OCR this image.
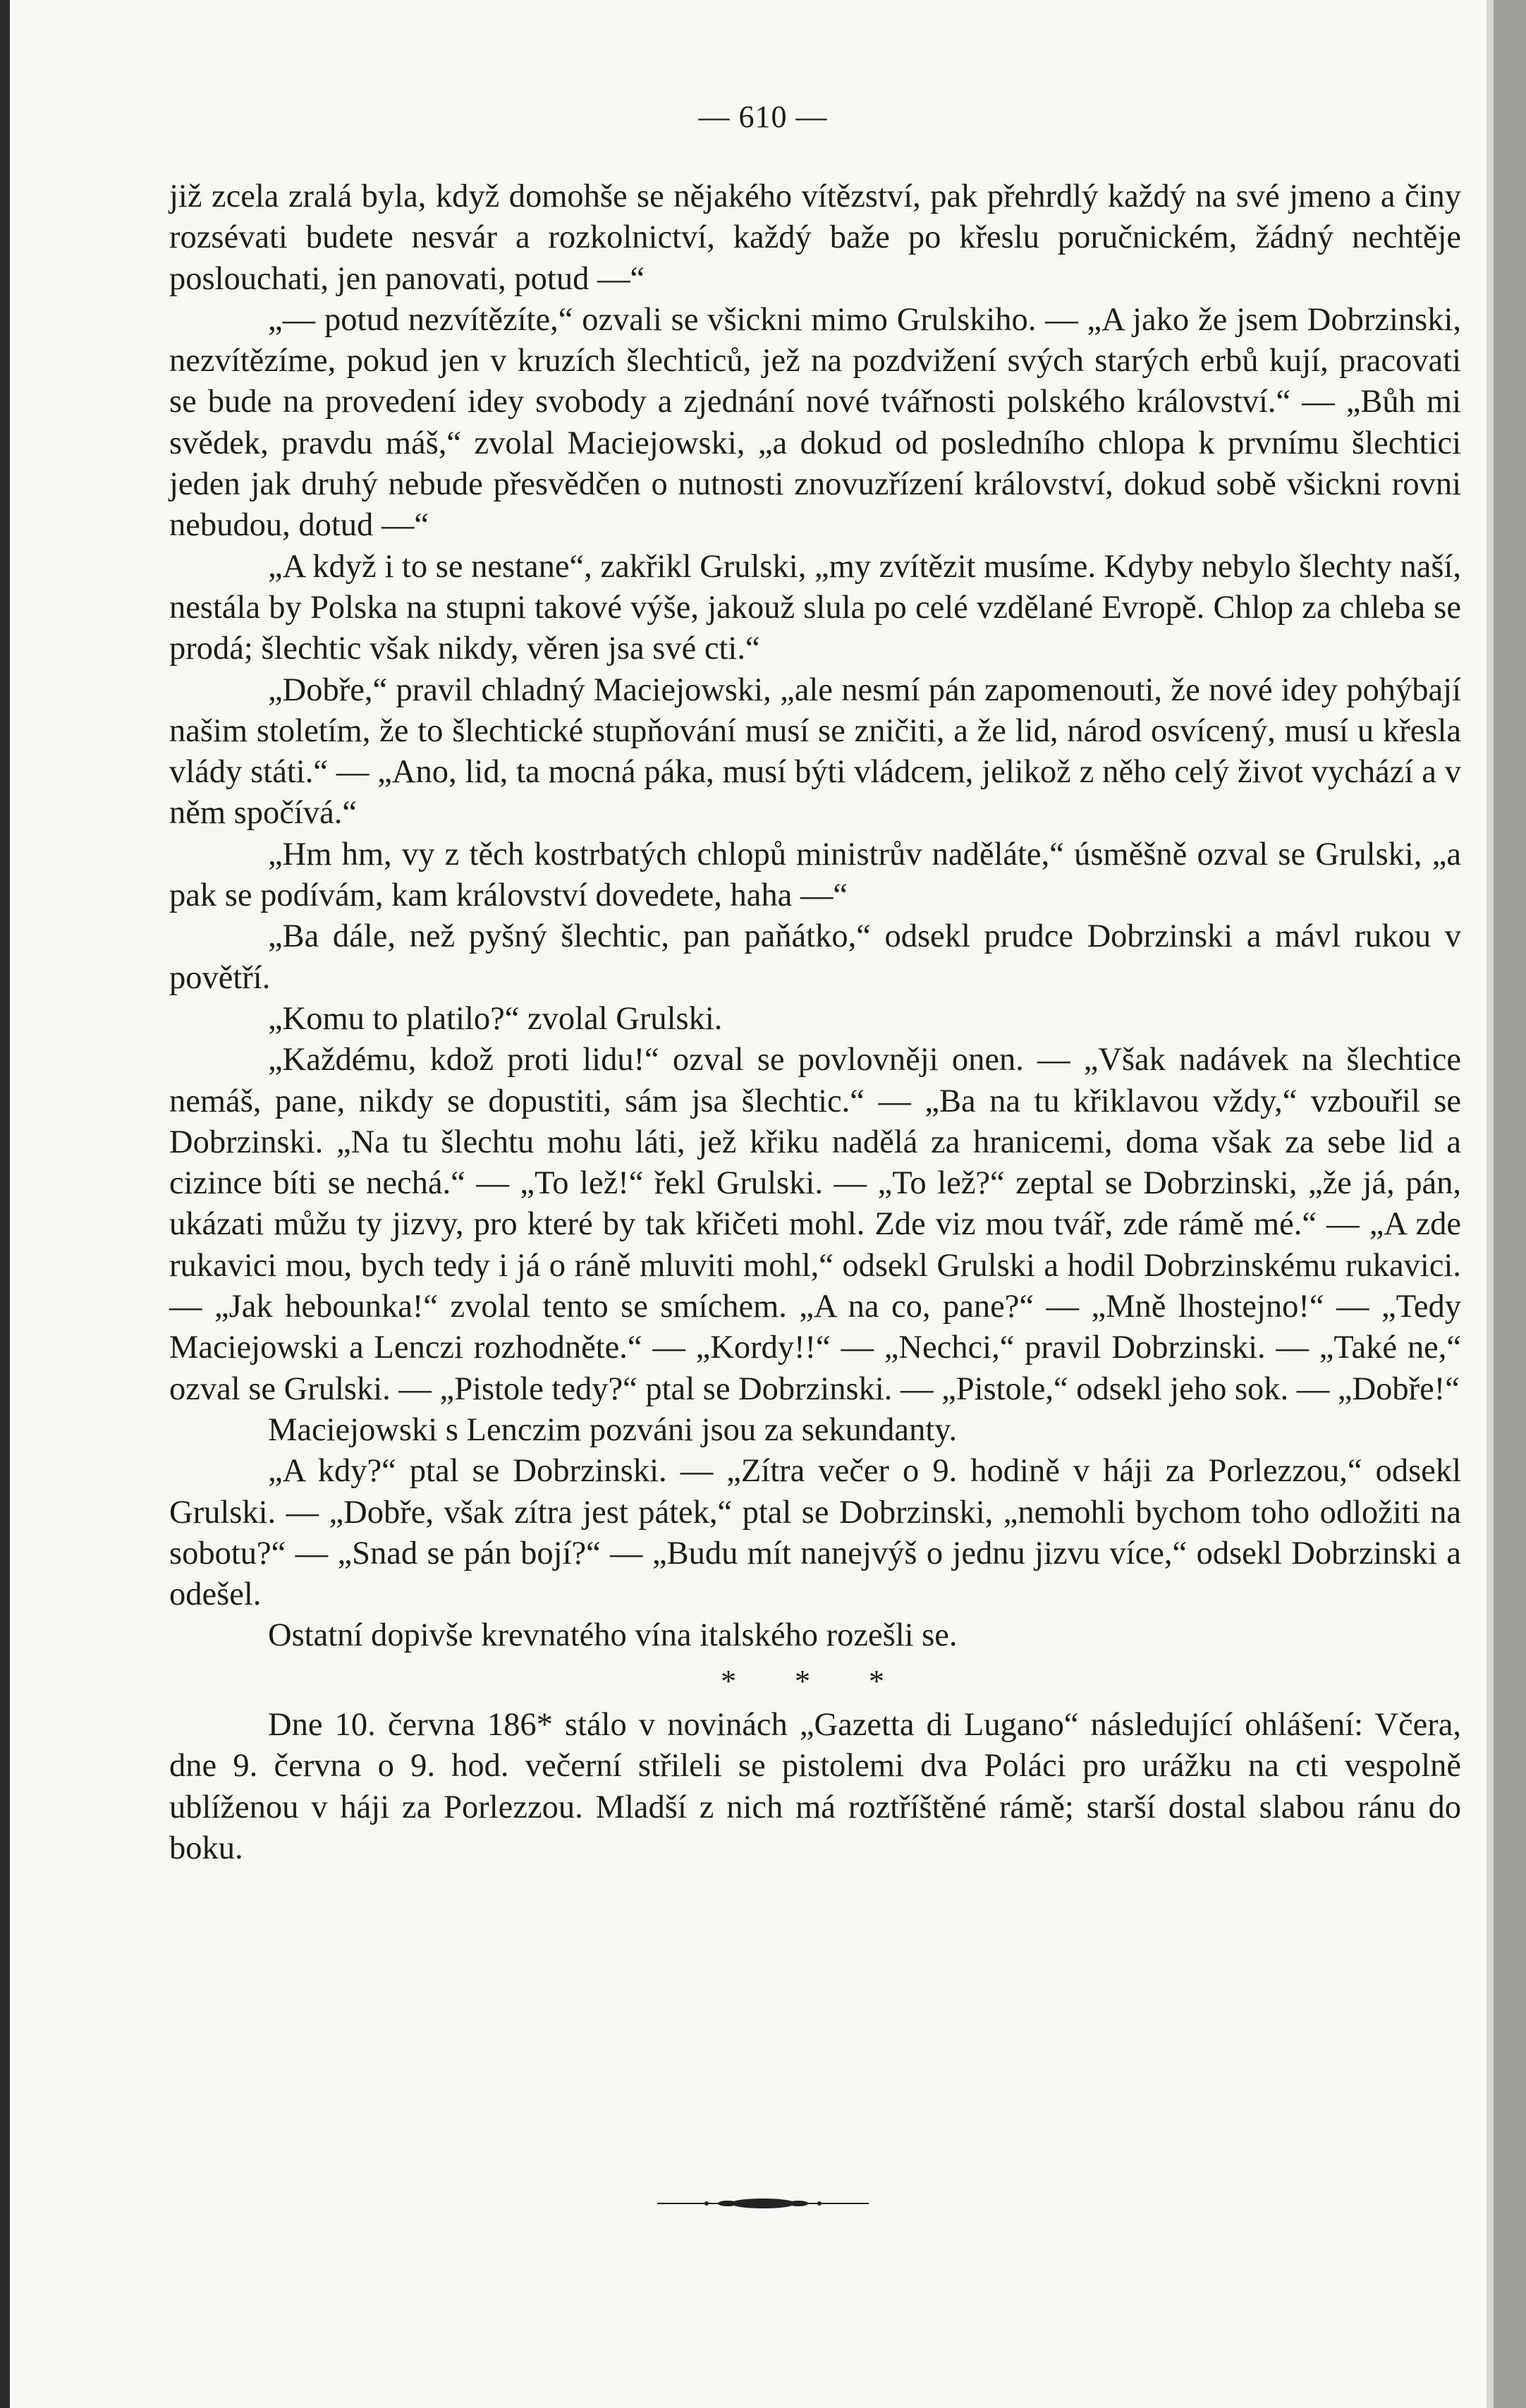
— 610 —

již zcela zralá byla, když domohše se nějakého vítězství, pak přehrdlý každý na své jmeno a činy rozsévati budete nesvár a rozkolnictví, každý baže po křeslu poručnickém, žádný nechtěje poslouchati, jen panovati, potud —“

„— potud nezvítězíte,“ ozvali se všickni mimo Grulskiho. — „A jako že jsem Dobrzinski, nezvítězíme, pokud jen v kruzích šlechticů, jež na pozdvižení svých starých erbů kují, pracovati se bude na provedení idey svobody a zjednání nové tvářnosti polského království.“ — „Bůh mi svědek, pravdu máš,“ zvolal Maciejowski, „a dokud od posledního chlopa k prvnímu šlechtici jeden jak druhý nebude přesvědčen o nutnosti znovuzřízení království, dokud sobě všickni rovni nebudou, dotud —“

„A když i to se nestane“, zakřikl Grulski, „my zvítězit musíme. Kdyby nebylo šlechty naší, nestála by Polska na stupni takové výše, jakouž slula po celé vzdělané Evropě. Chlop za chleba se prodá; šlechtic však nikdy, věren jsa své cti.“

„Dobře,“ pravil chladný Maciejowski, „ale nesmí pán zapomenouti, že nové idey pohýbají našim stoletím, že to šlechtické stupňování musí se zničiti, a že lid, národ osvícený, musí u křesla vlády státi.“ — „Ano, lid, ta mocná páka, musí býti vládcem, jelikož z něho celý život vychází a v něm spočívá.“

„Hm hm, vy z těch kostrbatých chlopů ministrův naděláte,“ úsměšně ozval se Grulski, „a pak se podívám, kam království dovedete, haha —“

„Ba dále, než pyšný šlechtic, pan paňátko,“ odsekl prudce Dobrzinski a mávl rukou v povětří.

„Komu to platilo?“ zvolal Grulski.

„Každému, kdož proti lidu!“ ozval se povlovněji onen. — „Však nadávek na šlechtice nemáš, pane, nikdy se dopustiti, sám jsa šlechtic.“ — „Ba na tu křiklavou vždy,“ vzbouřil se Dobrzinski. „Na tu šlechtu mohu láti, jež křiku nadělá za hranicemi, doma však za sebe lid a cizince bíti se nechá.“ — „To lež!“ řekl Grulski. — „To lež?“ zeptal se Dobrzinski, „že já, pán, ukázati můžu ty jizvy, pro které by tak křičeti mohl. Zde viz mou tvář, zde rámě mé.“ — „A zde rukavici mou, bych tedy i já o ráně mluviti mohl,“ odsekl Grulski a hodil Dobrzinskému rukavici. — „Jak hebounka!“ zvolal tento se smíchem. „A na co, pane?“ — „Mně lhostejno!“ — „Tedy Maciejowski a Lenczi rozhodněte.“ — „Kordy!!“ — „Nechci,“ pravil Dobrzinski. — „Také ne,“ ozval se Grulski. — „Pistole tedy?“ ptal se Dobrzinski. — „Pistole,“ odsekl jeho sok. — „Dobře!“

Maciejowski s Lenczim pozváni jsou za sekundanty.

„A kdy?“ ptal se Dobrzinski. — „Zítra večer o 9. hodině v háji za Porlezzou,“ odsekl Grulski. — „Dobře, však zítra jest pátek,“ ptal se Dobrzinski, „nemohli bychom toho odložiti na sobotu?“ — „Snad se pán bojí?“ — „Budu mít nanejvýš o jednu jizvu více,“ odsekl Dobrzinski a odešel.

Ostatní dopivše krevnatého vína italského rozešli se.

* * *

Dne 10. června 186* stálo v novinách „Gazetta di Lugano“ následující ohlášení: Včera, dne 9. června o 9. hod. večerní střileli se pistolemi dva Poláci pro urážku na cti vespolně ublíženou v háji za Porlezzou. Mladší z nich má roztříštěné rámě; starší dostal slabou ránu do boku.
